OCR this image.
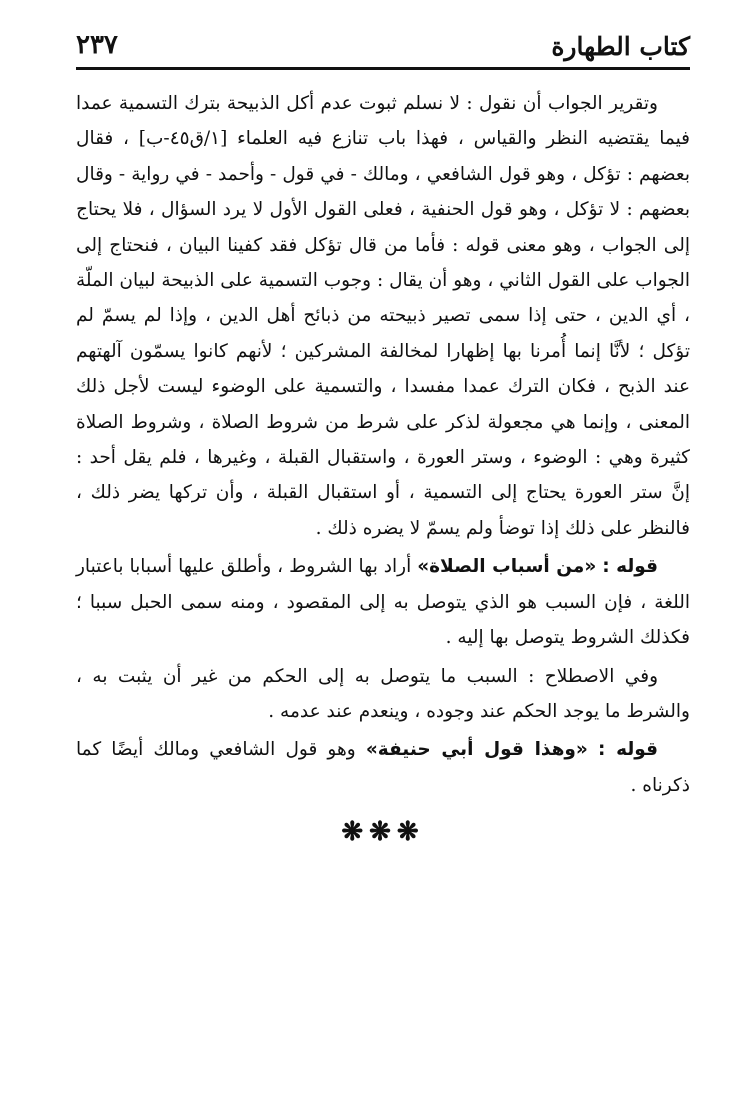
كتاب الطهارة
٢٣٧

وتقرير الجواب أن نقول : لا نسلم ثبوت عدم أكل الذبيحة بترك التسمية عمدا فيما يقتضيه النظر والقياس ، فهذا باب تنازع فيه العلماء [١/ق٤٥-ب] ، فقال بعضهم : تؤكل ، وهو قول الشافعي ، ومالك - في قول - وأحمد - في رواية - وقال بعضهم : لا تؤكل ، وهو قول الحنفية ، فعلى القول الأول لا يرد السؤال ، فلا يحتاج إلى الجواب ، وهو معنى قوله : فأما من قال تؤكل فقد كفينا البيان ، فنحتاج إلى الجواب على القول الثاني ، وهو أن يقال : وجوب التسمية على الذبيحة لبيان الملّة ، أي الدين ، حتى إذا سمى تصير ذبيحته من ذبائح أهل الدين ، وإذا لم يسمّ لم تؤكل ؛ لأنَّا إنما أُمرنا بها إظهارا لمخالفة المشركين ؛ لأنهم كانوا يسمّون آلهتهم عند الذبح ، فكان الترك عمدا مفسدا ، والتسمية على الوضوء ليست لأجل ذلك المعنى ، وإنما هي مجعولة لذكر على شرط من شروط الصلاة ، وشروط الصلاة كثيرة وهي : الوضوء ، وستر العورة ، واستقبال القبلة ، وغيرها ، فلم يقل أحد : إنَّ ستر العورة يحتاج إلى التسمية ، أو استقبال القبلة ، وأن تركها يضر ذلك ، فالنظر على ذلك إذا توضأ ولم يسمّ لا يضره ذلك .

قوله : «من أسباب الصلاة» أراد بها الشروط ، وأطلق عليها أسبابا باعتبار اللغة ، فإن السبب هو الذي يتوصل به إلى المقصود ، ومنه سمى الحبل سببا ؛ فكذلك الشروط يتوصل بها إليه .

وفي الاصطلاح : السبب ما يتوصل به إلى الحكم من غير أن يثبت به ، والشرط ما يوجد الحكم عند وجوده ، وينعدم عند عدمه .

قوله : «وهذا قول أبي حنيفة» وهو قول الشافعي ومالك أيضًا كما ذكرناه .

❋❋❋
